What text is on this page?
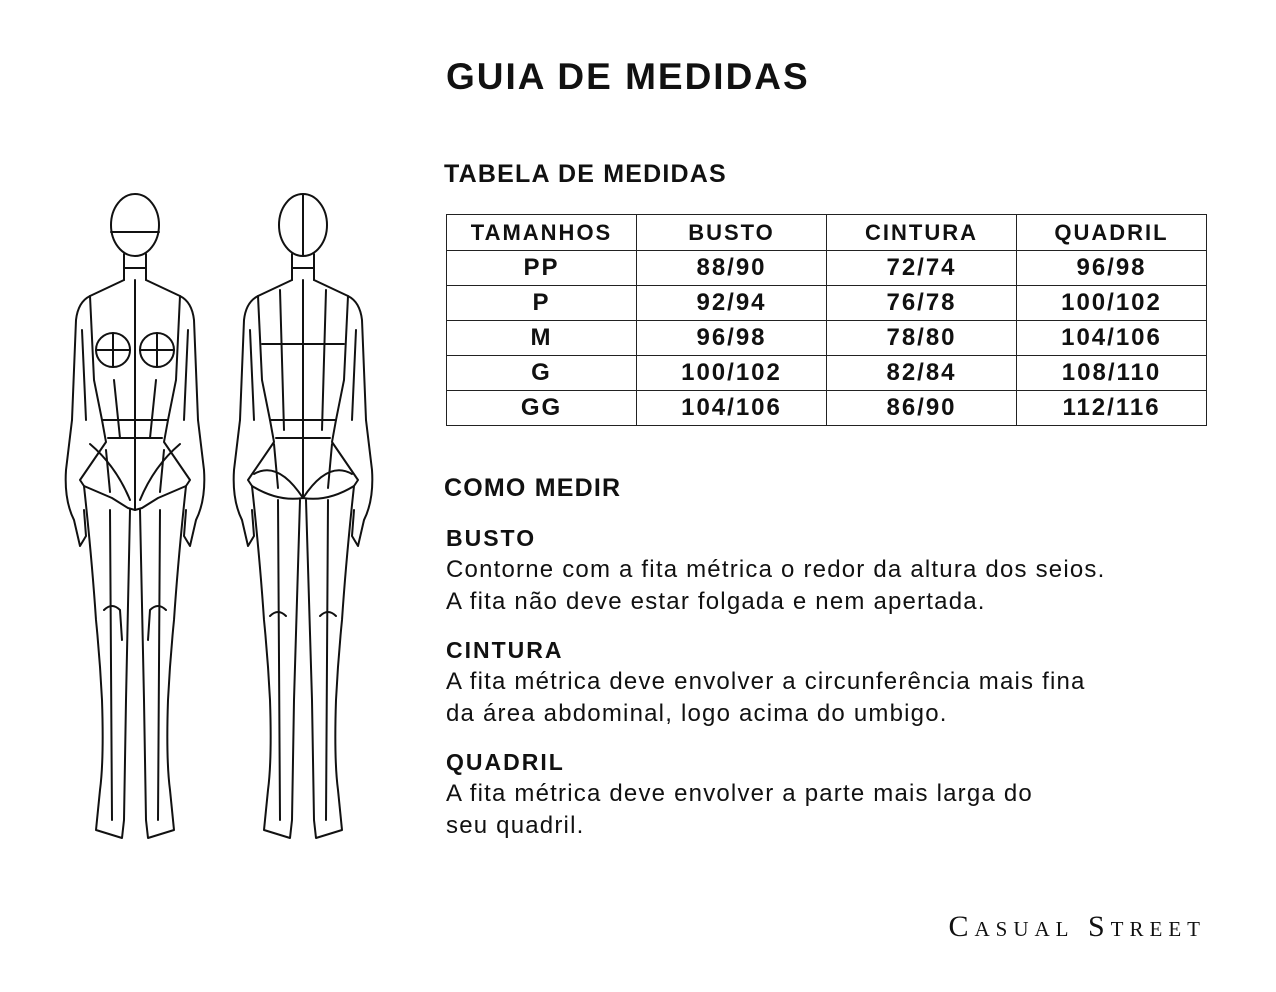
GUIA DE MEDIDAS
TABELA DE MEDIDAS
TAMANHOS	BUSTO	CINTURA	QUADRIL
PP	88/90	72/74	96/98
P	92/94	76/78	100/102
M	96/98	78/80	104/106
G	100/102	82/84	108/110
GG	104/106	86/90	112/116
COMO MEDIR
BUSTO

Contorne com a fita métrica o redor da altura dos seios.
A fita não deve estar folgada e nem apertada.

CINTURA

A fita métrica deve envolver a circunferência mais fina
da área abdominal, logo acima do umbigo.

QUADRIL

A fita métrica deve envolver a parte mais larga do
seu quadril.

Casual Street
